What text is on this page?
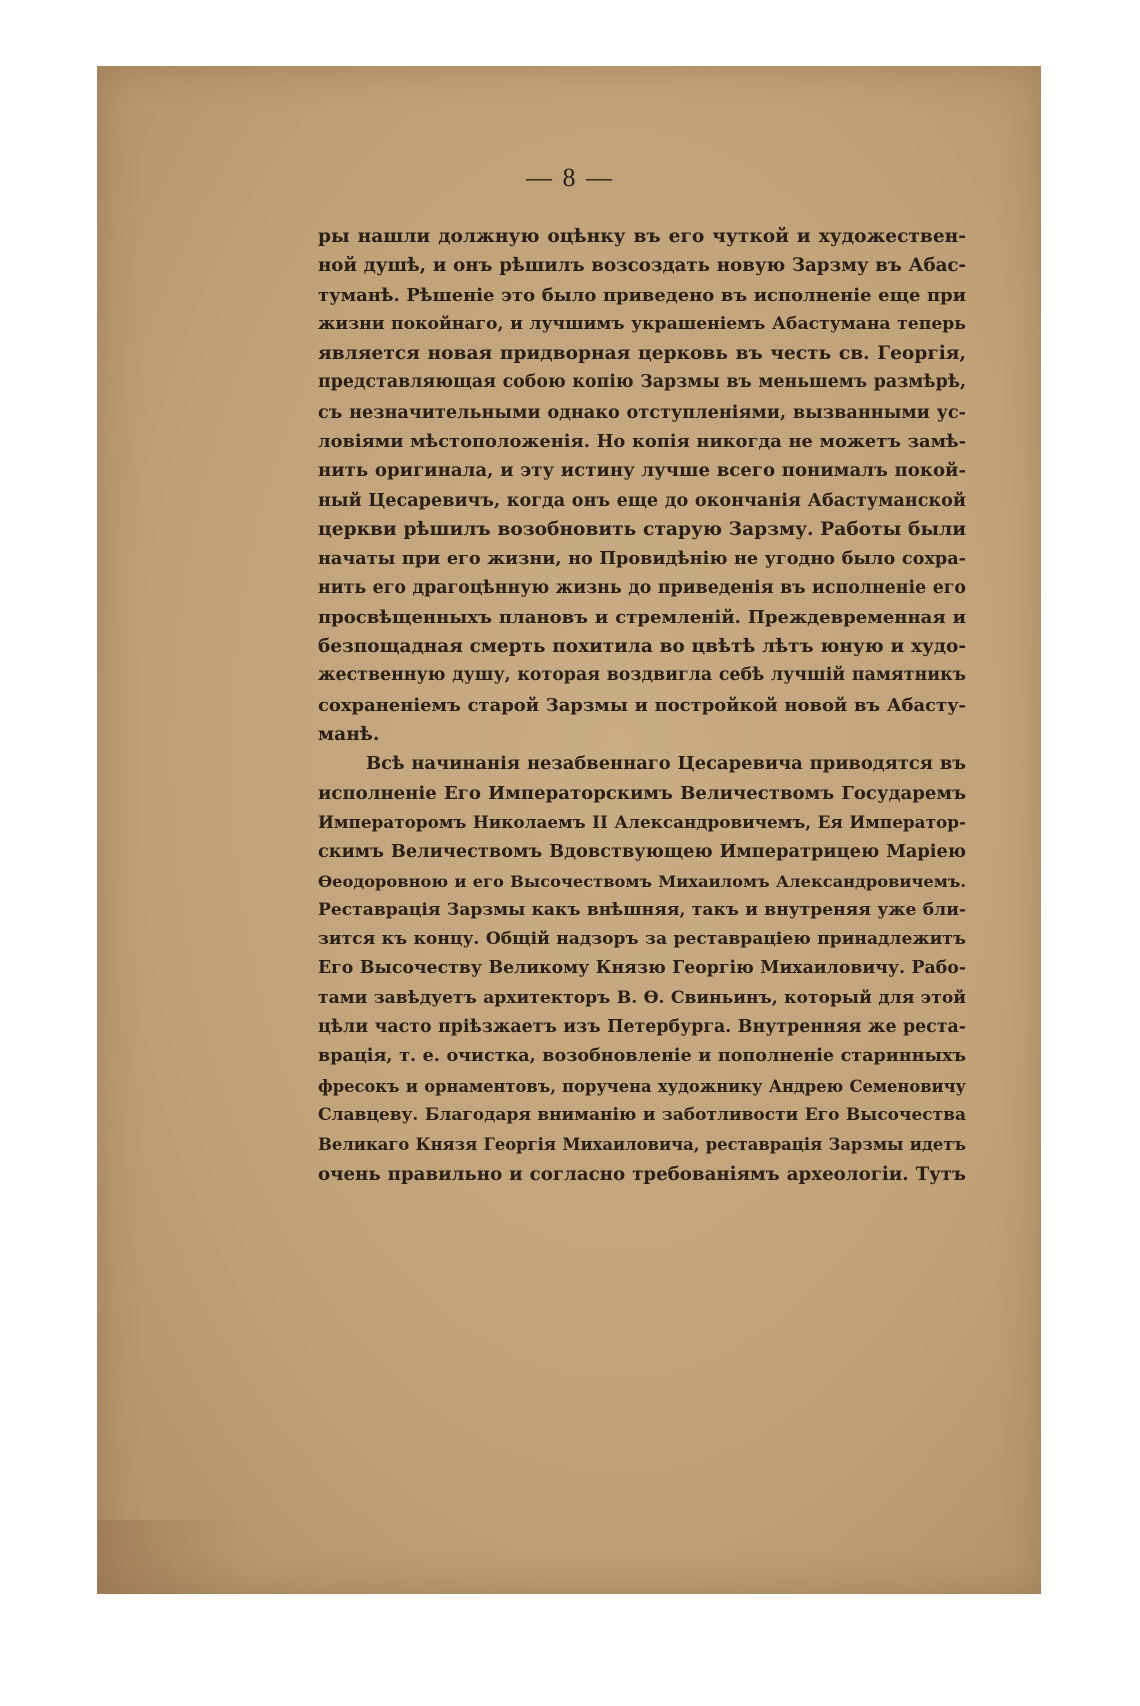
— 8 —
ры нашли должную оцѣнку въ его чуткой и художествен-
ной душѣ, и онъ рѣшилъ возсоздать новую Зарзму въ Абас-
туманѣ. Рѣшеніе это было приведено въ исполненіе еще при
жизни покойнаго, и лучшимъ украшеніемъ Абастумана теперь
является новая придворная церковь въ честь св. Георгія,
представляющая собою копію Зарзмы въ меньшемъ размѣрѣ,
съ незначительными однако отступленіями, вызванными ус-
ловіями мѣстоположенія. Но копія никогда не можетъ замѣ-
нить оригинала, и эту истину лучше всего понималъ покой-
ный Цесаревичъ, когда онъ еще до окончанія Абастуманской
церкви рѣшилъ возобновить старую Зарзму. Работы были
начаты при его жизни, но Провидѣнію не угодно было сохра-
нить его драгоцѣнную жизнь до приведенія въ исполненіе его
просвѣщенныхъ плановъ и стремленій. Преждевременная и
безпощадная смерть похитила во цвѣтѣ лѣтъ юную и худо-
жественную душу, которая воздвигла себѣ лучшій памятникъ
сохраненіемъ старой Зарзмы и постройкой новой въ Абасту-
манѣ.
Всѣ начинанія незабвеннаго Цесаревича приводятся въ
исполненіе Его Императорскимъ Величествомъ Государемъ
Императоромъ Николаемъ II Александровичемъ, Ея Император-
скимъ Величествомъ Вдовствующею Императрицею Маріею
Ѳеодоровною и его Высочествомъ Михаиломъ Александровичемъ.
Реставрація Зарзмы какъ внѣшняя, такъ и внутреняя уже бли-
зится къ концу. Общій надзоръ за реставраціею принадлежитъ
Его Высочеству Великому Князю Георгію Михаиловичу. Рабо-
тами завѣдуетъ архитекторъ В. Ѳ. Свиньинъ, который для этой
цѣли часто пріѣзжаетъ изъ Петербурга. Внутренняя же реста-
врація, т. е. очистка, возобновленіе и пополненіе старинныхъ
фресокъ и орнаментовъ, поручена художнику Андрею Семеновичу
Славцеву. Благодаря вниманію и заботливости Его Высочества
Великаго Князя Георгія Михаиловича, реставрація Зарзмы идетъ
очень правильно и согласно требованіямъ археологіи. Тутъ
